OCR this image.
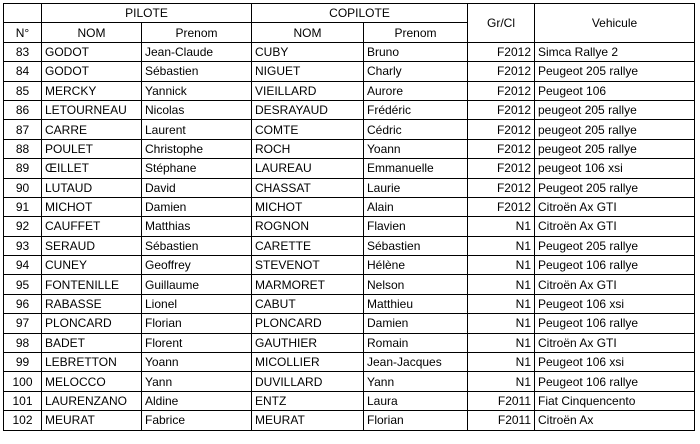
	PILOTE		COPILOTE		Gr/Cl	Vehicule
N°	NOM	Prenom	NOM	Prenom		
83	GODOT	Jean-Claude	CUBY	Bruno	F2012	Simca Rallye 2
84	GODOT	Sébastien	NIGUET	Charly	F2012	Peugeot 205 rallye
85	MERCKY	Yannick	VIEILLARD	Aurore	F2012	Peugeot 106
86	LETOURNEAU	Nicolas	DESRAYAUD	Frédéric	F2012	peugeot 205 rallye
87	CARRE	Laurent	COMTE	Cédric	F2012	peugeot 205 rallye
88	POULET	Christophe	ROCH	Yoann	F2012	peugeot 205 rallye
89	ŒILLET	Stéphane	LAUREAU	Emmanuelle	F2012	peugeot 106 xsi
90	LUTAUD	David	CHASSAT	Laurie	F2012	Peugeot 205 rallye
91	MICHOT	Damien	MICHOT	Alain	F2012	Citroën Ax GTI
92	CAUFFET	Matthias	ROGNON	Flavien	N1	Citroën Ax GTI
93	SERAUD	Sébastien	CARETTE	Sébastien	N1	Peugeot 205 rallye
94	CUNEY	Geoffrey	STEVENOT	Hélène	N1	Peugeot 106 rallye
95	FONTENILLE	Guillaume	MARMORET	Nelson	N1	Citroën Ax GTI
96	RABASSE	Lionel	CABUT	Matthieu	N1	Peugeot 106 xsi
97	PLONCARD	Florian	PLONCARD	Damien	N1	Peugeot 106 rallye
98	BADET	Florent	GAUTHIER	Romain	N1	Citroën Ax GTI
99	LEBRETTON	Yoann	MICOLLIER	Jean-Jacques	N1	Peugeot 106 xsi
100	MELOCCO	Yann	DUVILLARD	Yann	N1	Peugeot 106 rallye
101	LAURENZANO	Aldine	ENTZ	Laura	F2011	Fiat Cinquencento
102	MEURAT	Fabrice	MEURAT	Florian	F2011	Citroën Ax
